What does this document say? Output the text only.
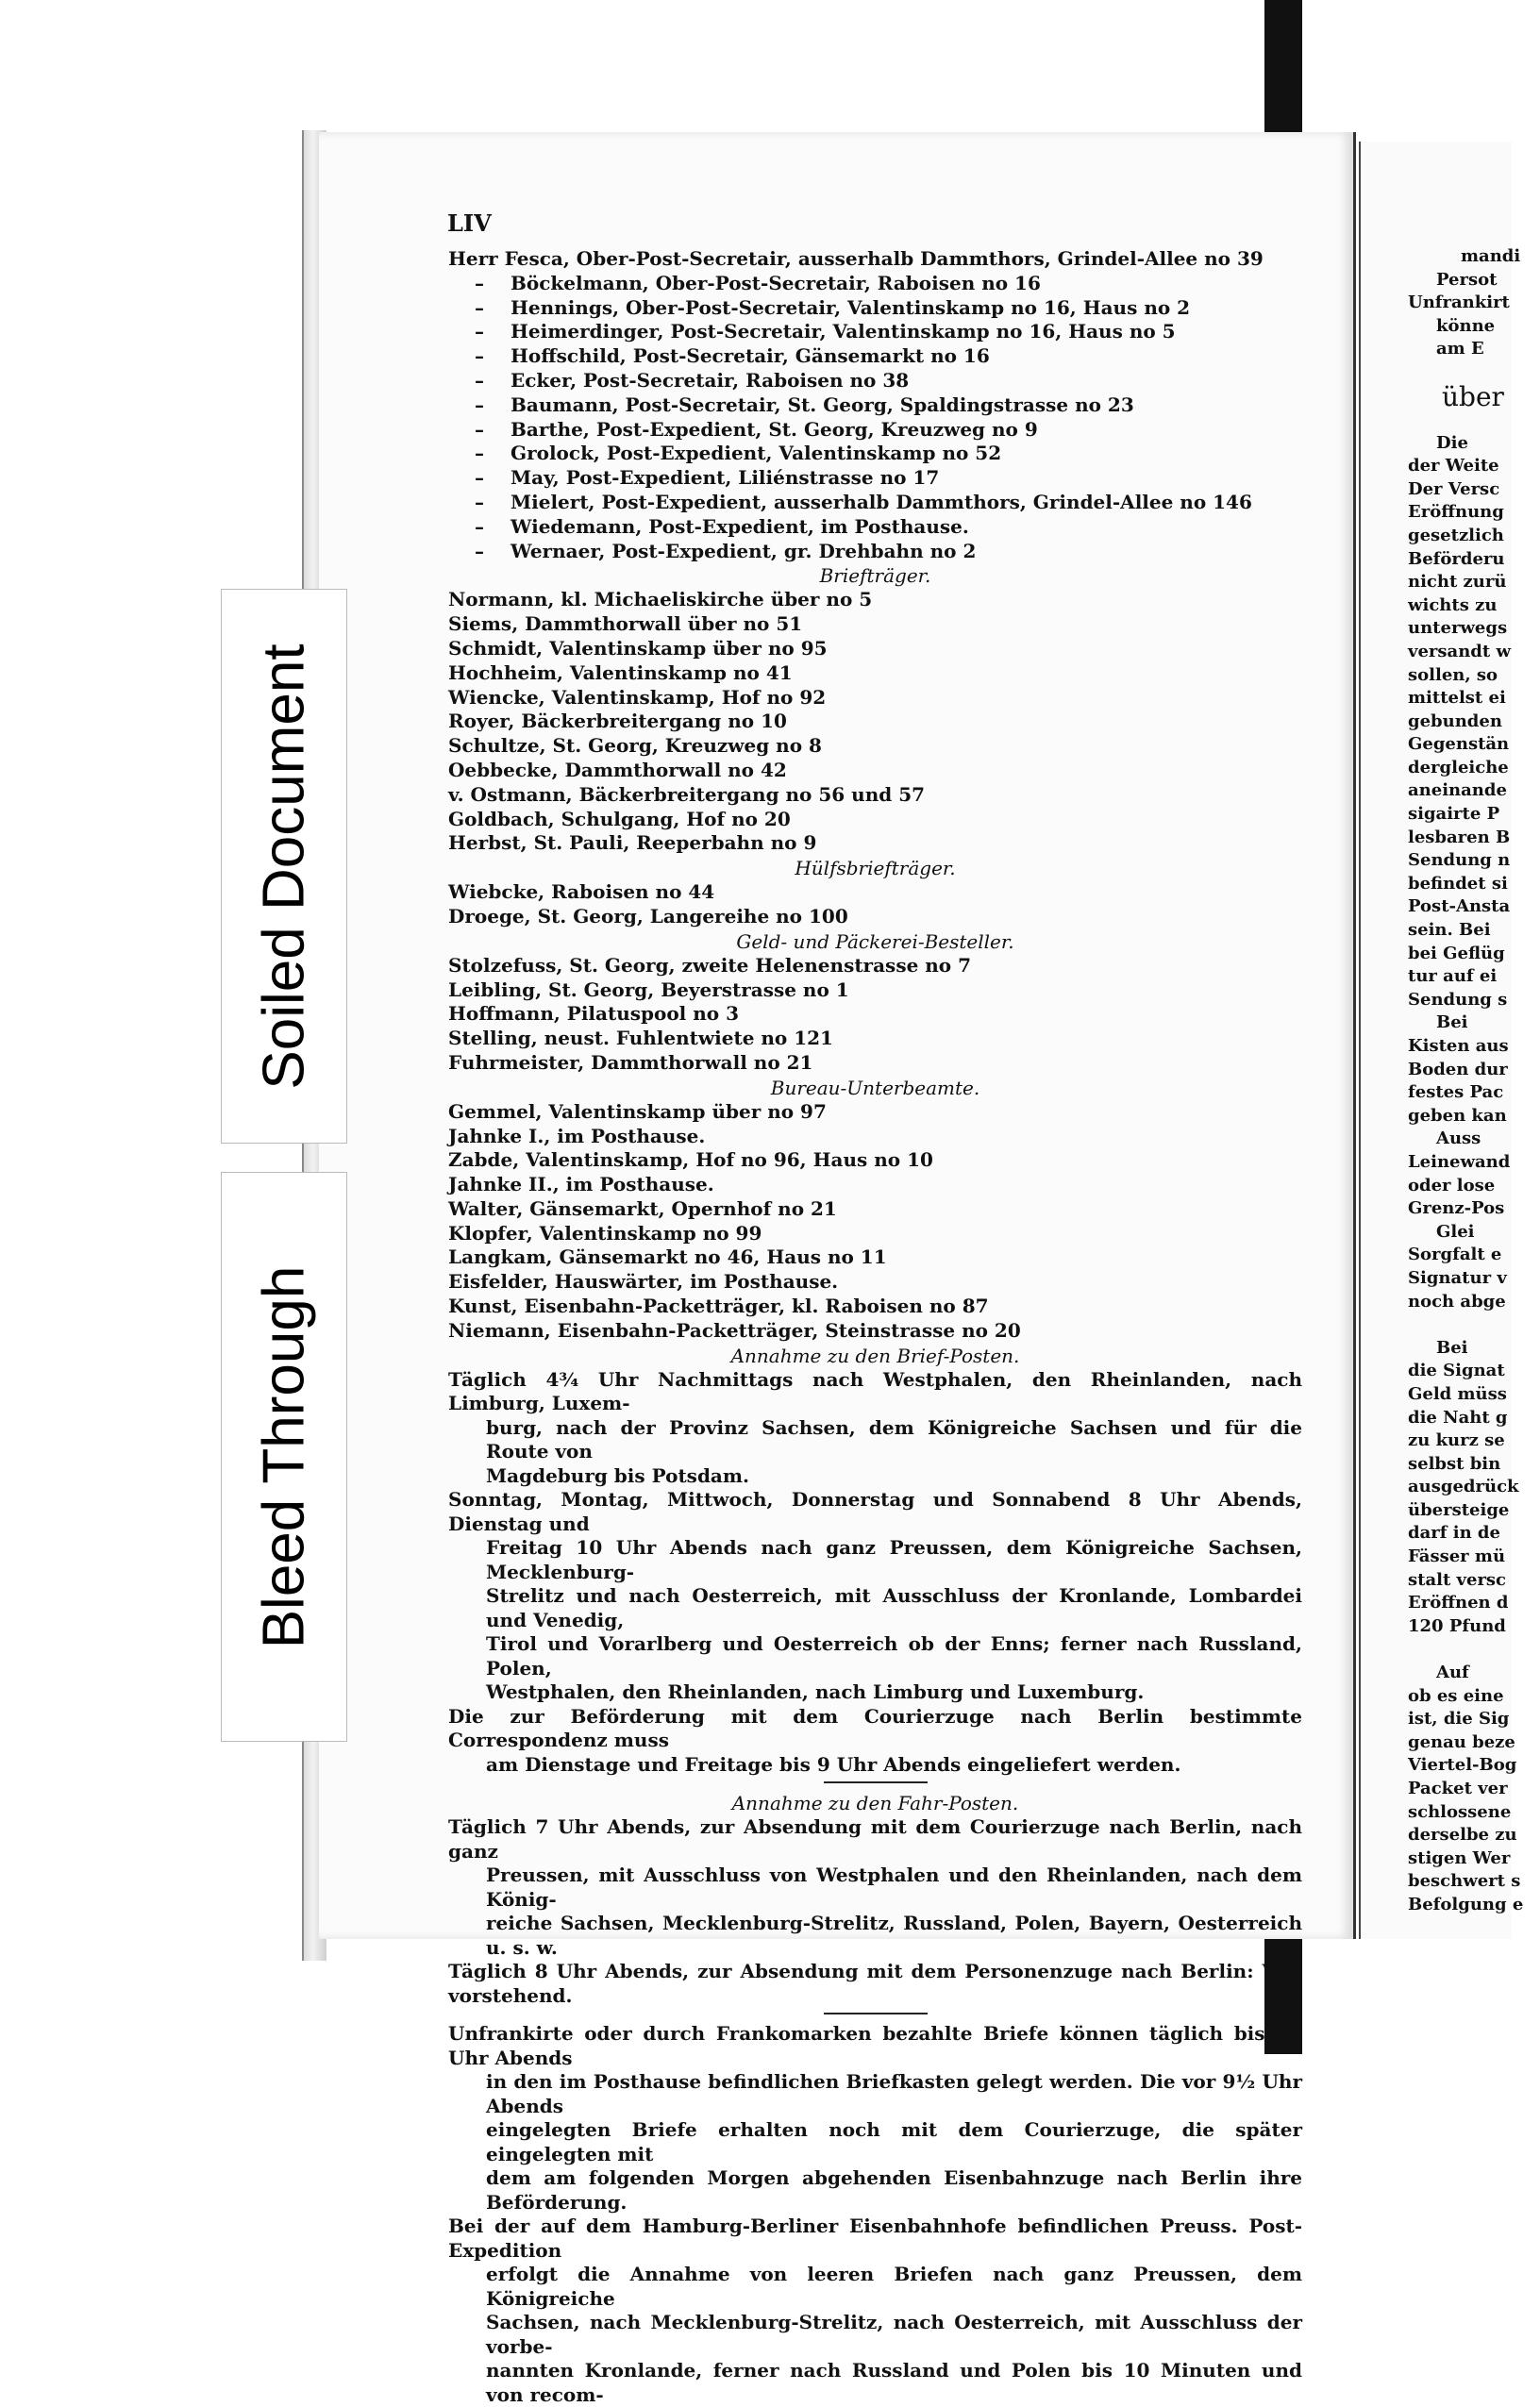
Soiled Document
Bleed Through
LIV
Herr Fesca, Ober-Post-Secretair, ausserhalb Dammthors, Grindel-Allee no 39
– Böckelmann, Ober-Post-Secretair, Raboisen no 16
– Hennings, Ober-Post-Secretair, Valentinskamp no 16, Haus no 2
– Heimerdinger, Post-Secretair, Valentinskamp no 16, Haus no 5
– Hoffschild, Post-Secretair, Gänsemarkt no 16
– Ecker, Post-Secretair, Raboisen no 38
– Baumann, Post-Secretair, St. Georg, Spaldingstrasse no 23
– Barthe, Post-Expedient, St. Georg, Kreuzweg no 9
– Grolock, Post-Expedient, Valentinskamp no 52
– May, Post-Expedient, Liliénstrasse no 17
– Mielert, Post-Expedient, ausserhalb Dammthors, Grindel-Allee no 146
– Wiedemann, Post-Expedient, im Posthause.
– Wernaer, Post-Expedient, gr. Drehbahn no 2
Briefträger.
Normann, kl. Michaeliskirche über no 5
Siems, Dammthorwall über no 51
Schmidt, Valentinskamp über no 95
Hochheim, Valentinskamp no 41
Wiencke, Valentinskamp, Hof no 92
Royer, Bäckerbreitergang no 10
Schultze, St. Georg, Kreuzweg no 8
Oebbecke, Dammthorwall no 42
v. Ostmann, Bäckerbreitergang no 56 und 57
Goldbach, Schulgang, Hof no 20
Herbst, St. Pauli, Reeperbahn no 9
Hülfsbriefträger.
Wiebcke, Raboisen no 44
Droege, St. Georg, Langereihe no 100
Geld- und Päckerei-Besteller.
Stolzefuss, St. Georg, zweite Helenenstrasse no 7
Leibling, St. Georg, Beyerstrasse no 1
Hoffmann, Pilatuspool no 3
Stelling, neust. Fuhlentwiete no 121
Fuhrmeister, Dammthorwall no 21
Bureau-Unterbeamte.
Gemmel, Valentinskamp über no 97
Jahnke I., im Posthause.
Zabde, Valentinskamp, Hof no 96, Haus no 10
Jahnke II., im Posthause.
Walter, Gänsemarkt, Opernhof no 21
Klopfer, Valentinskamp no 99
Langkam, Gänsemarkt no 46, Haus no 11
Eisfelder, Hauswärter, im Posthause.
Kunst, Eisenbahn-Packetträger, kl. Raboisen no 87
Niemann, Eisenbahn-Packetträger, Steinstrasse no 20
Annahme zu den Brief-Posten.
Täglich 4¾ Uhr Nachmittags nach Westphalen, den Rheinlanden, nach Limburg, Luxem-
burg, nach der Provinz Sachsen, dem Königreiche Sachsen und für die Route von
Magdeburg bis Potsdam.
Sonntag, Montag, Mittwoch, Donnerstag und Sonnabend 8 Uhr Abends, Dienstag und
Freitag 10 Uhr Abends nach ganz Preussen, dem Königreiche Sachsen, Mecklenburg-
Strelitz und nach Oesterreich, mit Ausschluss der Kronlande, Lombardei und Venedig,
Tirol und Vorarlberg und Oesterreich ob der Enns; ferner nach Russland, Polen,
Westphalen, den Rheinlanden, nach Limburg und Luxemburg.
Die zur Beförderung mit dem Courierzuge nach Berlin bestimmte Correspondenz muss
am Dienstage und Freitage bis 9 Uhr Abends eingeliefert werden.
Annahme zu den Fahr-Posten.
Täglich 7 Uhr Abends, zur Absendung mit dem Courierzuge nach Berlin, nach ganz
Preussen, mit Ausschluss von Westphalen und den Rheinlanden, nach dem König-
reiche Sachsen, Mecklenburg-Strelitz, Russland, Polen, Bayern, Oesterreich u. s. w.
Täglich 8 Uhr Abends, zur Absendung mit dem Personenzuge nach Berlin: Wie vorstehend.
Unfrankirte oder durch Frankomarken bezahlte Briefe können täglich bis 10 Uhr Abends
in den im Posthause befindlichen Briefkasten gelegt werden. Die vor 9½ Uhr Abends
eingelegten Briefe erhalten noch mit dem Courierzuge, die später eingelegten mit
dem am folgenden Morgen abgehenden Eisenbahnzuge nach Berlin ihre Beförderung.
Bei der auf dem Hamburg-Berliner Eisenbahnhofe befindlichen Preuss. Post-Expedition
erfolgt die Annahme von leeren Briefen nach ganz Preussen, dem Königreiche
Sachsen, nach Mecklenburg-Strelitz, nach Oesterreich, mit Ausschluss der vorbe-
nannten Kronlande, ferner nach Russland und Polen bis 10 Minuten und von recom-
mandi
Persot
Unfrankirt
könne
am E
über
Die
der Weite
Der Versc
Eröffnung
gesetzlich
Beförderu
nicht zurü
wichts zu
unterwegs
versandt w
sollen, so
mittelst ei
gebunden
Gegenstän
dergleiche
aneinande
sigairte P
lesbaren B
Sendung n
befindet si
Post-Ansta
sein. Bei
bei Geflüg
tur auf ei
Sendung s
Bei
Kisten aus
Boden dur
festes Pac
geben kan
Auss
Leinewand
oder lose
Grenz-Pos
Glei
Sorgfalt e
Signatur v
noch abge
Bei
die Signat
Geld müss
die Naht g
zu kurz se
selbst bin
ausgedrück
übersteige
darf in de
Fässer mü
stalt versc
Eröffnen d
120 Pfund
Auf
ob es eine
ist, die Sig
genau beze
Viertel-Bog
Packet ver
schlossene
derselbe zu
stigen Wer
beschwert s
Befolgung e
